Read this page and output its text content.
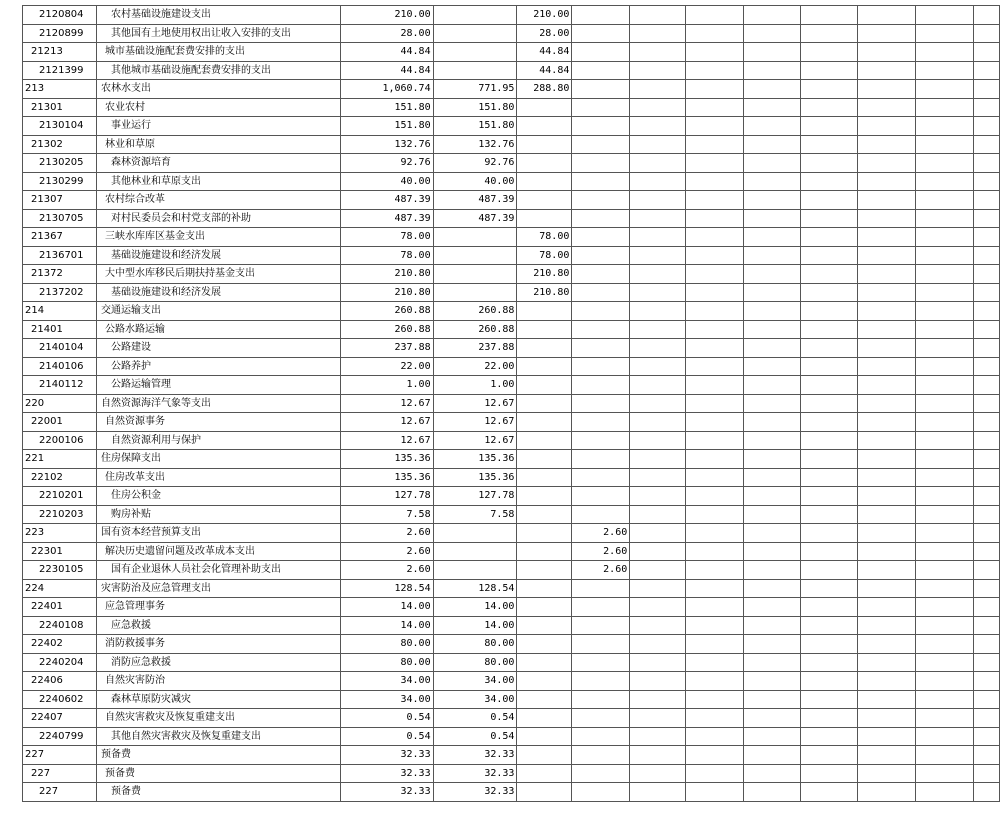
2120804	农村基础设施建设支出	210.00		210.00								
2120899	其他国有土地使用权出让收入安排的支出	28.00		28.00								
21213	城市基础设施配套费安排的支出	44.84		44.84								
2121399	其他城市基础设施配套费安排的支出	44.84		44.84								
213	农林水支出	1,060.74	771.95	288.80								
21301	农业农村	151.80	151.80									
2130104	事业运行	151.80	151.80									
21302	林业和草原	132.76	132.76									
2130205	森林资源培育	92.76	92.76									
2130299	其他林业和草原支出	40.00	40.00									
21307	农村综合改革	487.39	487.39									
2130705	对村民委员会和村党支部的补助	487.39	487.39									
21367	三峡水库库区基金支出	78.00		78.00								
2136701	基础设施建设和经济发展	78.00		78.00								
21372	大中型水库移民后期扶持基金支出	210.80		210.80								
2137202	基础设施建设和经济发展	210.80		210.80								
214	交通运输支出	260.88	260.88									
21401	公路水路运输	260.88	260.88									
2140104	公路建设	237.88	237.88									
2140106	公路养护	22.00	22.00									
2140112	公路运输管理	1.00	1.00									
220	自然资源海洋气象等支出	12.67	12.67									
22001	自然资源事务	12.67	12.67									
2200106	自然资源利用与保护	12.67	12.67									
221	住房保障支出	135.36	135.36									
22102	住房改革支出	135.36	135.36									
2210201	住房公积金	127.78	127.78									
2210203	购房补贴	7.58	7.58									
223	国有资本经营预算支出	2.60			2.60							
22301	解决历史遗留问题及改革成本支出	2.60			2.60							
2230105	国有企业退休人员社会化管理补助支出	2.60			2.60							
224	灾害防治及应急管理支出	128.54	128.54									
22401	应急管理事务	14.00	14.00									
2240108	应急救援	14.00	14.00									
22402	消防救援事务	80.00	80.00									
2240204	消防应急救援	80.00	80.00									
22406	自然灾害防治	34.00	34.00									
2240602	森林草原防灾减灾	34.00	34.00									
22407	自然灾害救灾及恢复重建支出	0.54	0.54									
2240799	其他自然灾害救灾及恢复重建支出	0.54	0.54									
227	预备费	32.33	32.33									
227	预备费	32.33	32.33									
227	预备费	32.33	32.33									
